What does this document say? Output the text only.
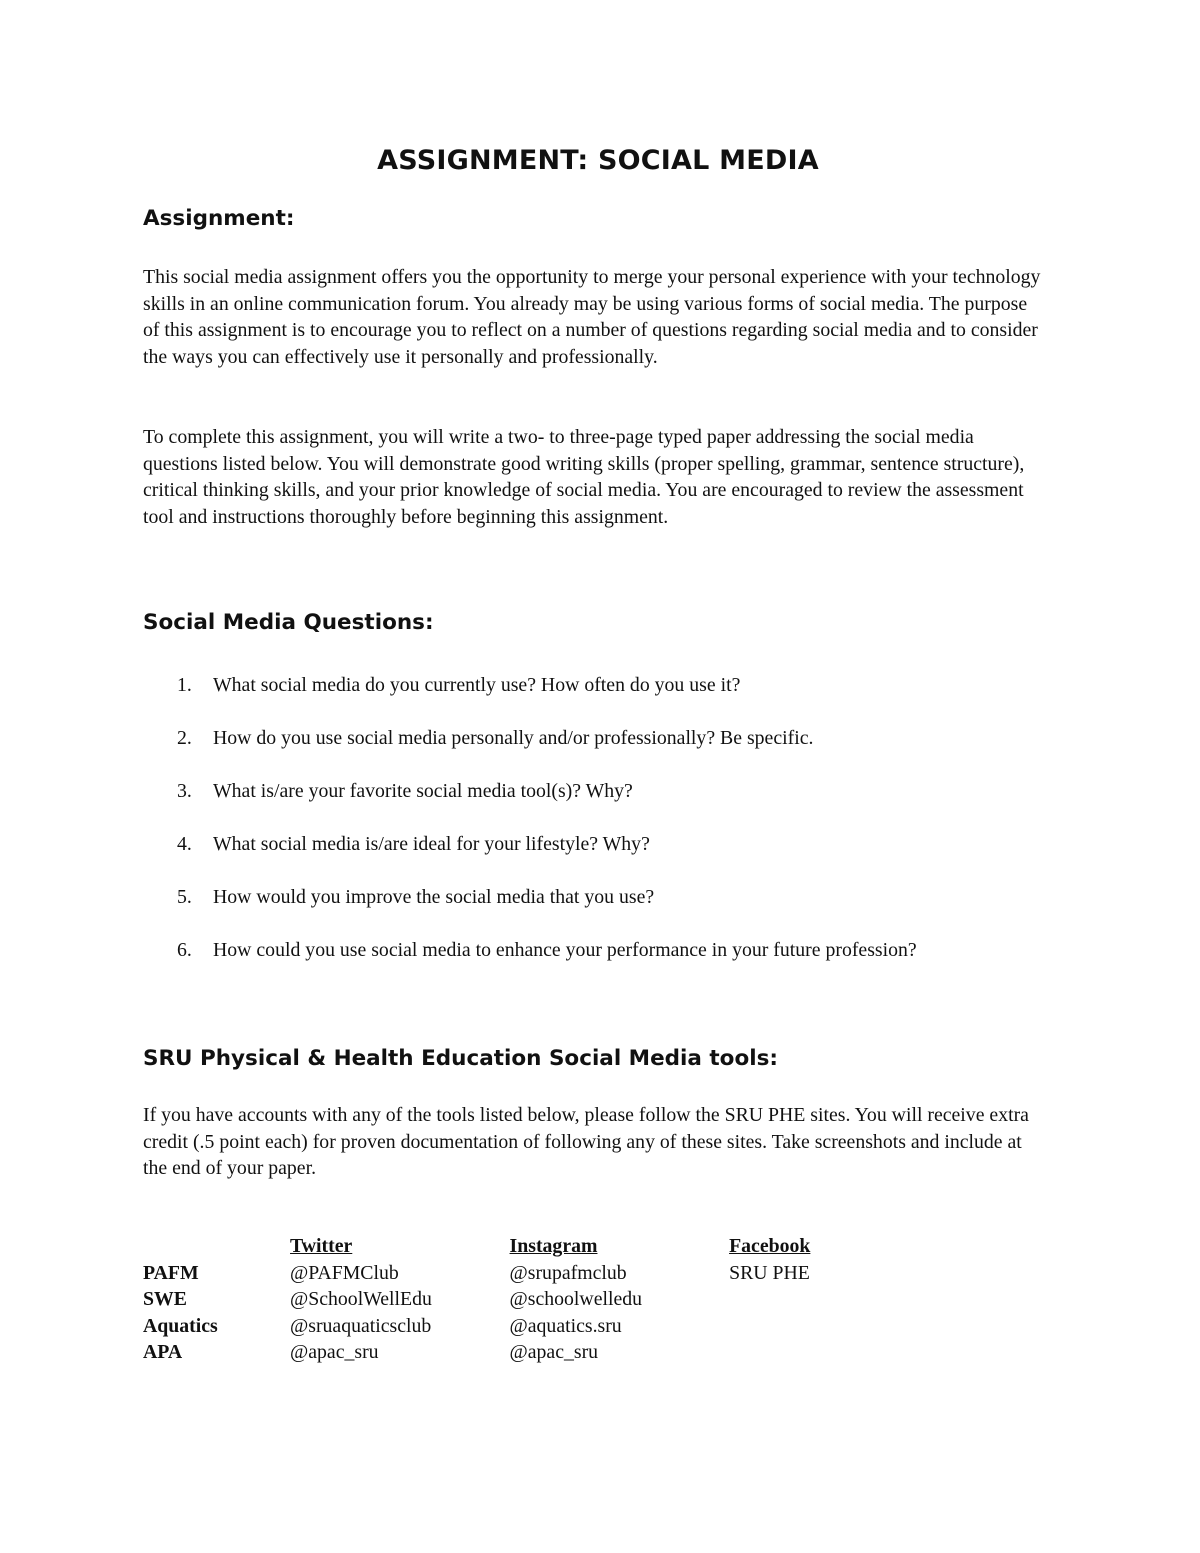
ASSIGNMENT: SOCIAL MEDIA
Assignment:

This social media assignment offers you the opportunity to merge your personal experience with your technology skills in an online communication forum. You already may be using various forms of social media. The purpose of this assignment is to encourage you to reflect on a number of questions regarding social media and to consider the ways you can effectively use it personally and professionally.

To complete this assignment, you will write a two- to three-page typed paper addressing the social media questions listed below. You will demonstrate good writing skills (proper spelling, grammar, sentence structure), critical thinking skills, and your prior knowledge of social media. You are encouraged to review the assessment tool and instructions thoroughly before beginning this assignment.

Social Media Questions:
1. What social media do you currently use? How often do you use it?
2. How do you use social media personally and/or professionally? Be specific.
3. What is/are your favorite social media tool(s)? Why?
4. What social media is/are ideal for your lifestyle? Why?
5. How would you improve the social media that you use?
6. How could you use social media to enhance your performance in your future profession?
SRU Physical & Health Education Social Media tools:

If you have accounts with any of the tools listed below, please follow the SRU PHE sites. You will receive extra credit (.5 point each) for proven documentation of following any of these sites. Take screenshots and include at the end of your paper.

	Twitter	Instagram	Facebook
PAFM	@PAFMClub	@srupafmclub	SRU PHE
SWE	@SchoolWellEdu	@schoolwelledu	
Aquatics	@sruaquaticsclub	@aquatics.sru	
APA	@apac_sru	@apac_sru	
